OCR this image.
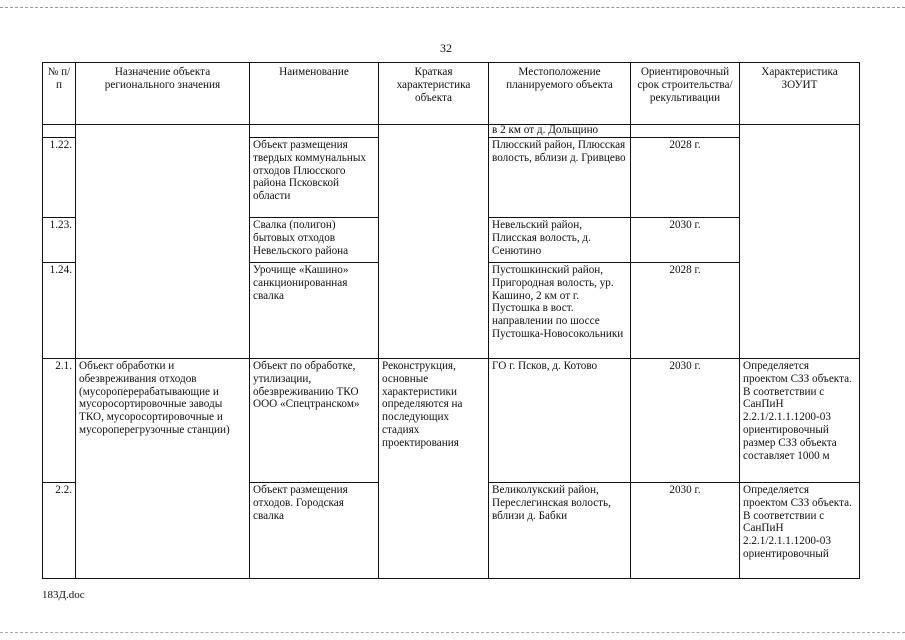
32
№ п/п	Назначение объекта регионального значения	Наименование	Краткая характеристика объекта	Местоположение планируемого объекта	Ориентировочный срок строительства/ рекультивации	Характеристика ЗОУИТ
				в 2 км от д. Дольщино		
1.22.		Объект размещения твердых коммунальных отходов Плюсского района Псковской области		Плюсский район, Плюсская волость, вблизи д. Гривцево	2028 г.	
1.23.		Свалка (полигон) бытовых отходов Невельского района		Невельский район, Плисская волость, д. Сенютино	2030 г.	
1.24.		Урочище «Кашино» санкционированная свалка		Пустошкинский район, Пригородная волость, ур. Кашино, 2 км от г. Пустошка в вост. направлении по шоссе Пустошка-Новосокольники	2028 г.	
2.1.	Объект обработки и обезвреживания отходов (мусороперерабатывающие и мусоросортировочные заводы ТКО, мусоросортировочные и мусороперегрузочные станции)	Объект по обработке, утилизации, обезвреживанию ТКО ООО «Спецтранском»	Реконструкция, основные характеристики определяются на последующих стадиях проектирования	ГО г. Псков, д. Котово	2030 г.	Определяется проектом СЗЗ объекта. В соответствии с СанПиН 2.2.1/2.1.1.1200-03 ориентировочный размер СЗЗ объекта составляет 1000 м
2.2.		Объект размещения отходов. Городская свалка		Великолукский район, Переслегинская волость, вблизи д. Бабки	2030 г.	Определяется проектом СЗЗ объекта. В соответствии с СанПиН 2.2.1/2.1.1.1200-03 ориентировочный
183Д.doc
